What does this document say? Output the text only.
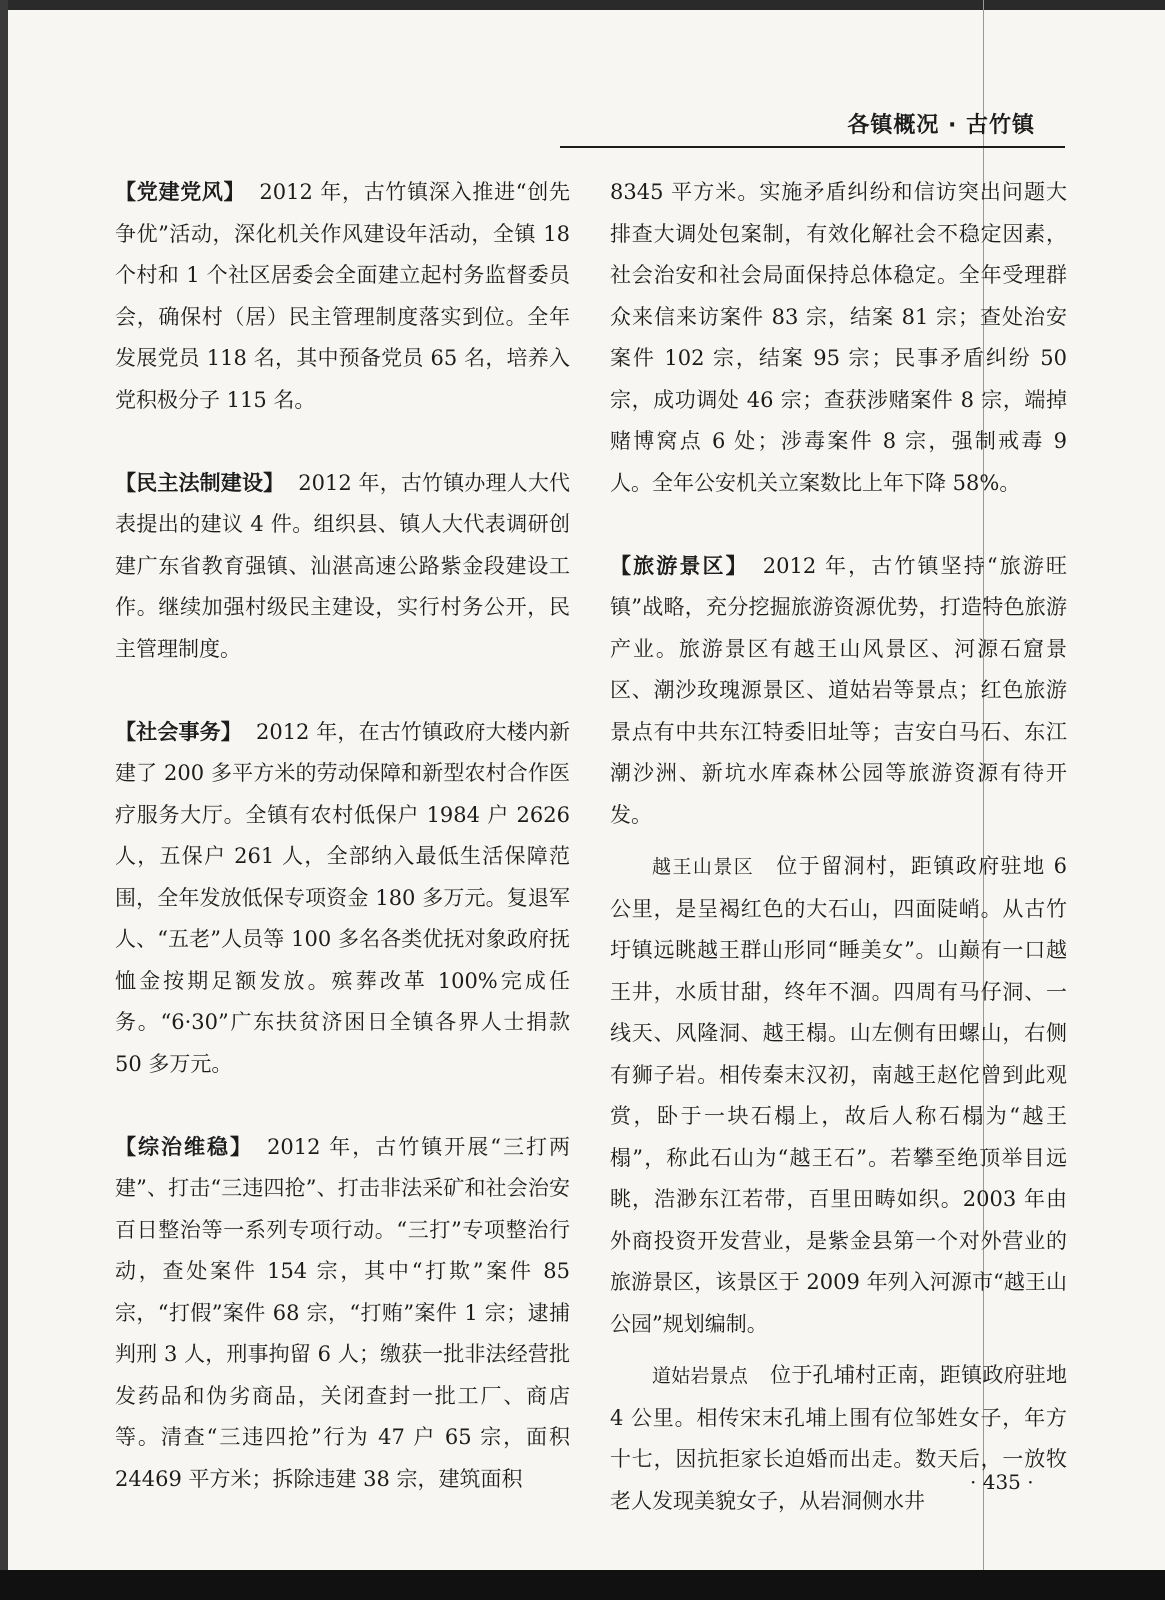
各镇概况 · 古竹镇

【党建党风】 2012 年，古竹镇深入推进“创先争优”活动，深化机关作风建设年活动，全镇 18 个村和 1 个社区居委会全面建立起村务监督委员会，确保村（居）民主管理制度落实到位。全年发展党员 118 名，其中预备党员 65 名，培养入党积极分子 115 名。

【民主法制建设】 2012 年，古竹镇办理人大代表提出的建议 4 件。组织县、镇人大代表调研创建广东省教育强镇、汕湛高速公路紫金段建设工作。继续加强村级民主建设，实行村务公开，民主管理制度。

【社会事务】 2012 年，在古竹镇政府大楼内新建了 200 多平方米的劳动保障和新型农村合作医疗服务大厅。全镇有农村低保户 1984 户 2626 人，五保户 261 人，全部纳入最低生活保障范围，全年发放低保专项资金 180 多万元。复退军人、“五老”人员等 100 多名各类优抚对象政府抚恤金按期足额发放。殡葬改革 100%完成任务。“6·30”广东扶贫济困日全镇各界人士捐款 50 多万元。

【综治维稳】 2012 年，古竹镇开展“三打两建”、打击“三违四抢”、打击非法采矿和社会治安百日整治等一系列专项行动。“三打”专项整治行动，查处案件 154 宗，其中“打欺”案件 85 宗，“打假”案件 68 宗，“打贿”案件 1 宗；逮捕判刑 3 人，刑事拘留 6 人；缴获一批非法经营批发药品和伪劣商品，关闭查封一批工厂、商店等。清查“三违四抢”行为 47 户 65 宗，面积 24469 平方米；拆除违建 38 宗，建筑面积

8345 平方米。实施矛盾纠纷和信访突出问题大排查大调处包案制，有效化解社会不稳定因素，社会治安和社会局面保持总体稳定。全年受理群众来信来访案件 83 宗，结案 81 宗；查处治安案件 102 宗，结案 95 宗；民事矛盾纠纷 50 宗，成功调处 46 宗；查获涉赌案件 8 宗，端掉赌博窝点 6 处；涉毒案件 8 宗，强制戒毒 9 人。全年公安机关立案数比上年下降 58%。

【旅游景区】 2012 年，古竹镇坚持“旅游旺镇”战略，充分挖掘旅游资源优势，打造特色旅游产业。旅游景区有越王山风景区、河源石窟景区、潮沙玫瑰源景区、道姑岩等景点；红色旅游景点有中共东江特委旧址等；吉安白马石、东江潮沙洲、新坑水库森林公园等旅游资源有待开发。

越王山景区 位于留洞村，距镇政府驻地 6 公里，是呈褐红色的大石山，四面陡峭。从古竹圩镇远眺越王群山形同“睡美女”。山巅有一口越王井，水质甘甜，终年不涸。四周有马仔洞、一线天、风隆洞、越王榻。山左侧有田螺山，右侧有狮子岩。相传秦末汉初，南越王赵佗曾到此观赏，卧于一块石榻上，故后人称石榻为“越王榻”，称此石山为“越王石”。若攀至绝顶举目远眺，浩渺东江若带，百里田畴如织。2003 年由外商投资开发营业，是紫金县第一个对外营业的旅游景区，该景区于 2009 年列入河源市“越王山公园”规划编制。

道姑岩景点 位于孔埔村正南，距镇政府驻地 4 公里。相传宋末孔埔上围有位邹姓女子，年方十七，因抗拒家长迫婚而出走。数天后，一放牧老人发现美貌女子，从岩洞侧水井

· 435 ·
